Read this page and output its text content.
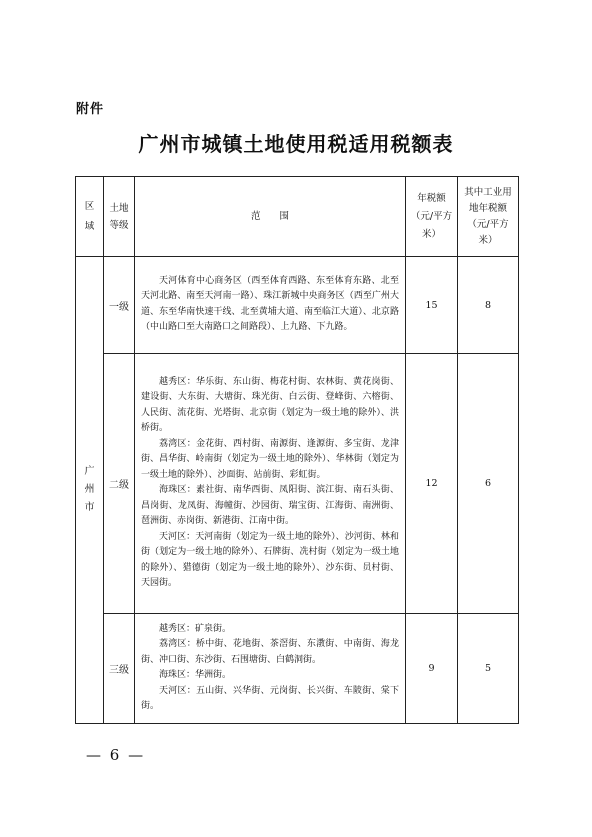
附件
广州市城镇土地使用税适用税额表
区域	土地等级	范　　围	年税额（元/平方米）	其中工业用地年税额（元/平方米）

广州市	一级	天河体育中心商务区（西至体育西路、东至体育东路、北至天河北路、南至天河南一路）、珠江新城中央商务区（西至广州大道、东至华南快速干线、北至黄埔大道、南至临江大道）、北京路（中山路口至大南路口之间路段）、上九路、下九路。	15	8
	二级	越秀区：华乐街、东山街、梅花村街、农林街、黄花岗街、建设街、大东街、大塘街、珠光街、白云街、登峰街、六榕街、人民街、流花街、光塔街、北京街（划定为一级土地的除外）、洪桥街。

荔湾区：金花街、西村街、南源街、逢源街、多宝街、龙津街、昌华街、岭南街（划定为一级土地的除外）、华林街（划定为一级土地的除外）、沙面街、站前街、彩虹街。

海珠区：素社街、南华西街、凤阳街、滨江街、南石头街、昌岗街、龙凤街、海幢街、沙园街、瑞宝街、江海街、南洲街、琶洲街、赤岗街、新港街、江南中街。

天河区：天河南街（划定为一级土地的除外）、沙河街、林和街（划定为一级土地的除外）、石牌街、冼村街（划定为一级土地的除外）、猎德街（划定为一级土地的除外）、沙东街、员村街、天园街。	12	6
	三级	越秀区：矿泉街。

荔湾区：桥中街、花地街、茶滘街、东漖街、中南街、海龙街、冲口街、东沙街、石围塘街、白鹤洞街。

海珠区：华洲街。

天河区：五山街、兴华街、元岗街、长兴街、车陂街、棠下街。	9	5
— 6 —
